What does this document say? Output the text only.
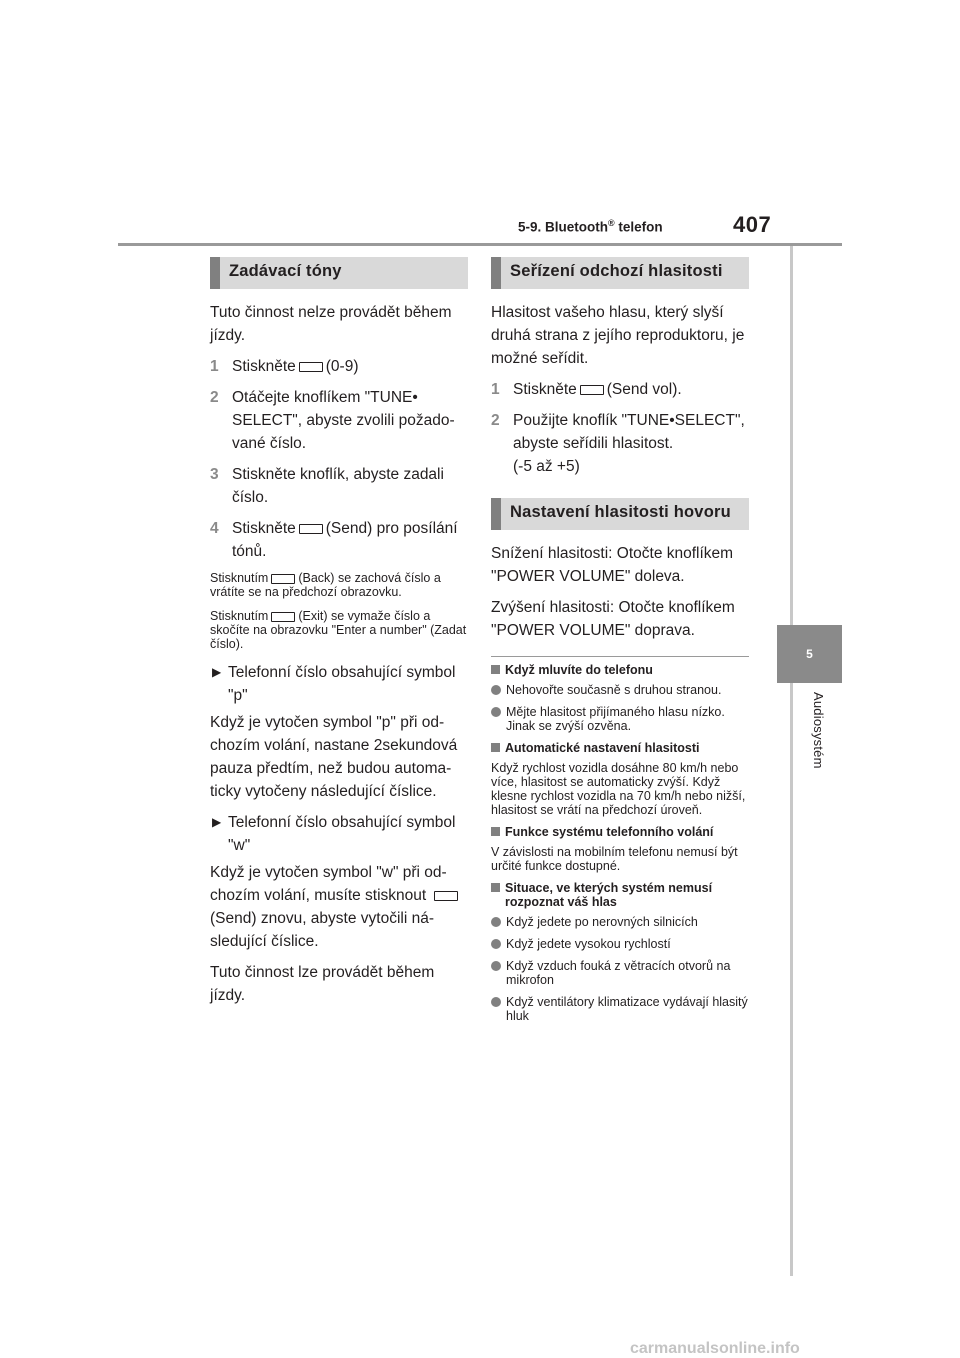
5-9. Bluetooth® telefon	407
5
Audiosystém
Zadávací tóny

Tuto činnost nelze provádět během jízdy.

1 Stiskněte (0-9)
2 Otáčejte knoflíkem "TUNE• SELECT", abyste zvolili požadované číslo.
3 Stiskněte knoflík, abyste zadali číslo.
4 Stiskněte (Send) pro posílání tónů.

Stisknutím (Back) se zachová číslo a vrátíte se na předchozí obrazovku.

Stisknutím (Exit) se vymaže číslo a skočíte na obrazovku "Enter a number" (Zadat číslo).

▶ Telefonní číslo obsahující symbol "p"

Když je vytočen symbol "p" při odchozím volání, nastane 2sekundová pauza předtím, než budou automaticky vytočeny následující číslice.

▶ Telefonní číslo obsahující symbol "w"

Když je vytočen symbol "w" při odchozím volání, musíte stisknout (Send) znovu, abyste vytočili následující číslice.

Tuto činnost lze provádět během jízdy.

Seřízení odchozí hlasitosti

Hlasitost vašeho hlasu, který slyší druhá strana z jejího reproduktoru, je možné seřídit.

1 Stiskněte (Send vol).
2 Použijte knoflík "TUNE•SELECT", abyste seřídili hlasitost.
(-5 až +5)
Nastavení hlasitosti hovoru

Snížení hlasitosti: Otočte knoflíkem "POWER VOLUME" doleva.

Zvýšení hlasitosti: Otočte knoflíkem "POWER VOLUME" doprava.

Když mluvíte do telefonu
Nehovořte současně s druhou stranou.
Mějte hlasitost přijímaného hlasu nízko. Jinak se zvýší ozvěna.
Automatické nastavení hlasitosti

Když rychlost vozidla dosáhne 80 km/h nebo více, hlasitost se automaticky zvýší. Když klesne rychlost vozidla na 70 km/h nebo nižší, hlasitost se vrátí na předchozí úroveň.

Funkce systému telefonního volání

V závislosti na mobilním telefonu nemusí být určité funkce dostupné.

Situace, ve kterých systém nemusí rozpoznat váš hlas
Když jedete po nerovných silnicích
Když jedete vysokou rychlostí
Když vzduch fouká z větracích otvorů na mikrofon
Když ventilátory klimatizace vydávají hlasitý hluk
carmanualsonline.info
